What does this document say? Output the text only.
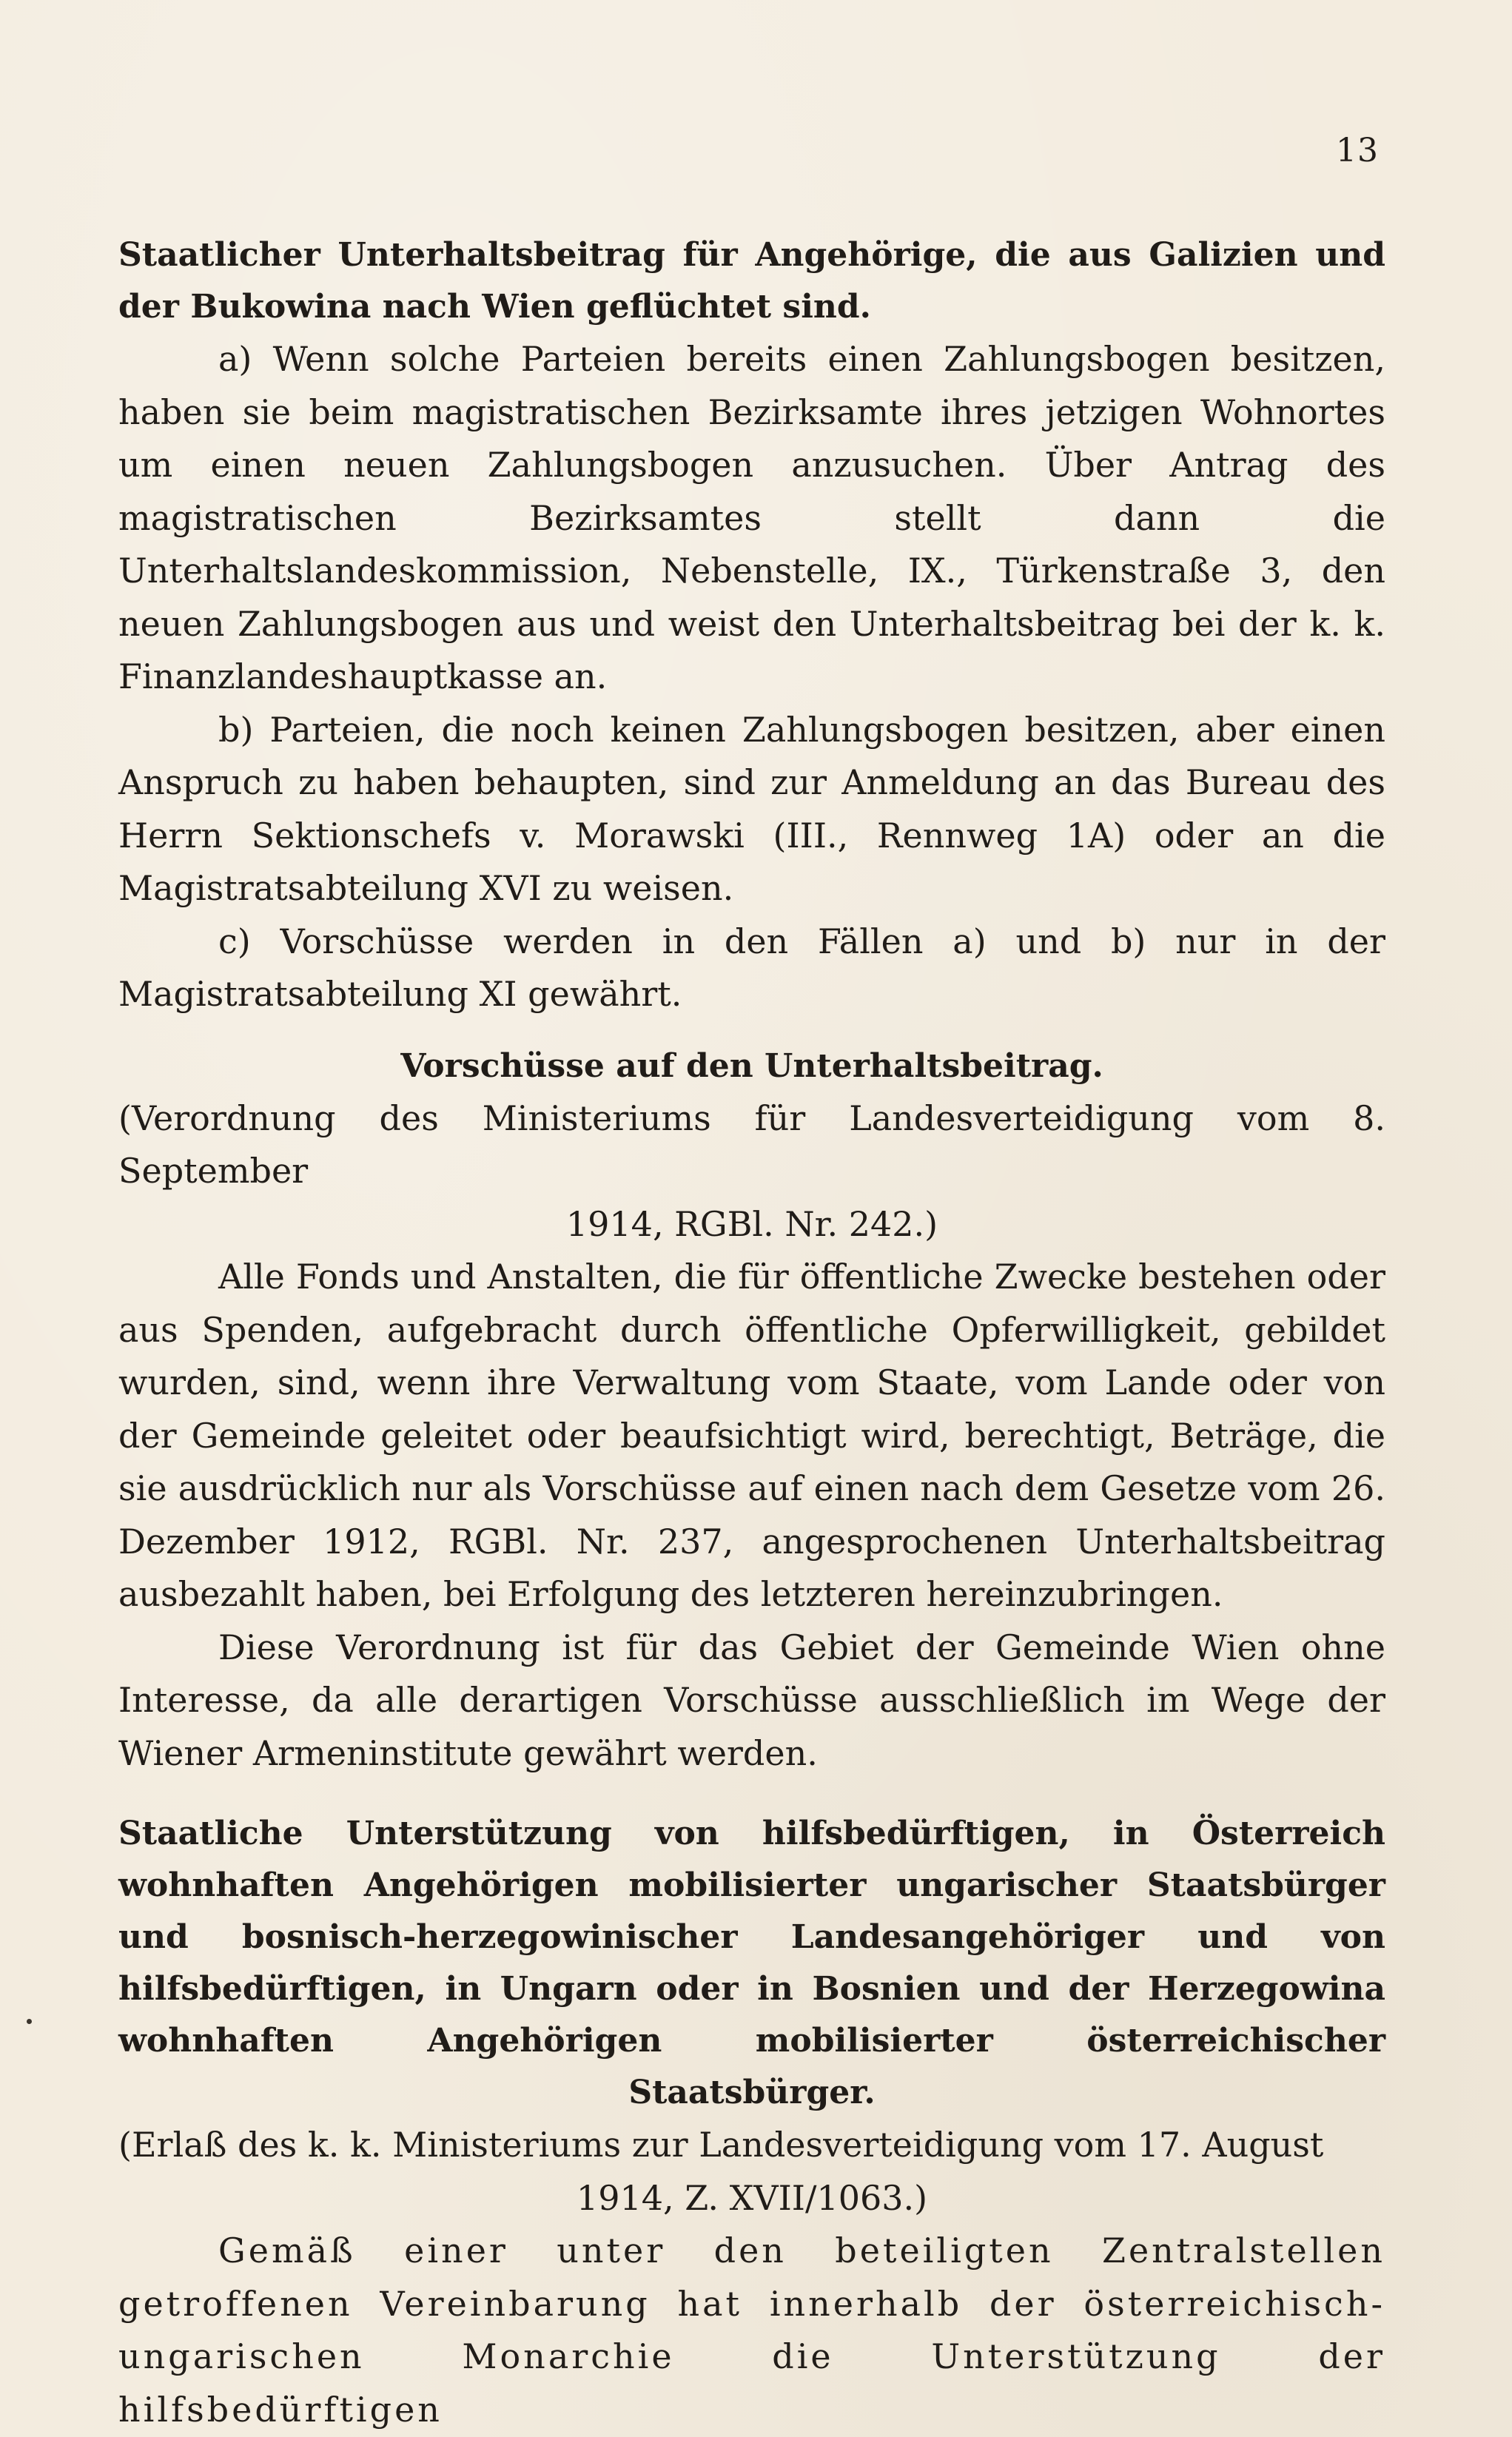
13

Staatlicher Unterhaltsbeitrag für Angehörige, die aus Galizien und der Bukowina nach Wien geflüchtet sind.

a) Wenn solche Parteien bereits einen Zahlungsbogen besitzen, haben sie beim magistratischen Bezirksamte ihres jetzigen Wohnortes um einen neuen Zahlungsbogen anzusuchen. Über Antrag des magistratischen Bezirksamtes stellt dann die Unterhaltslandeskommission, Nebenstelle, IX., Türkenstraße 3, den neuen Zahlungsbogen aus und weist den Unterhaltsbeitrag bei der k. k. Finanzlandeshauptkasse an.

b) Parteien, die noch keinen Zahlungsbogen besitzen, aber einen Anspruch zu haben behaupten, sind zur Anmeldung an das Bureau des Herrn Sektionschefs v. Morawski (III., Rennweg 1A) oder an die Magistratsabteilung XVI zu weisen.

c) Vorschüsse werden in den Fällen a) und b) nur in der Magistratsabteilung XI gewährt.

Vorschüsse auf den Unterhaltsbeitrag.

(Verordnung des Ministeriums für Landesverteidigung vom 8. September

1914, RGBl. Nr. 242.)

Alle Fonds und Anstalten, die für öffentliche Zwecke bestehen oder aus Spenden, aufgebracht durch öffentliche Opferwilligkeit, gebildet wurden, sind, wenn ihre Verwaltung vom Staate, vom Lande oder von der Gemeinde geleitet oder beaufsichtigt wird, berechtigt, Beträge, die sie ausdrücklich nur als Vorschüsse auf einen nach dem Gesetze vom 26. Dezember 1912, RGBl. Nr. 237, angesprochenen Unterhaltsbeitrag ausbezahlt haben, bei Erfolgung des letzteren hereinzubringen.

Diese Verordnung ist für das Gebiet der Gemeinde Wien ohne Interesse, da alle derartigen Vorschüsse ausschließlich im Wege der Wiener Armeninstitute gewährt werden.

Staatliche Unterstützung von hilfsbedürftigen, in Österreich wohnhaften Angehörigen mobilisierter ungarischer Staatsbürger und bosnisch-herzegowinischer Landesangehöriger und von hilfsbedürftigen, in Ungarn oder in Bosnien und der Herzegowina wohnhaften Angehörigen mobilisierter österreichischer Staatsbürger.

(Erlaß des k. k. Ministeriums zur Landesverteidigung vom 17. August

1914, Z. XVII/1063.)

Gemäß einer unter den beteiligten Zentralstellen getroffenen Vereinbarung hat innerhalb der österreichisch-ungarischen Monarchie die Unterstützung der hilfsbedürftigen
